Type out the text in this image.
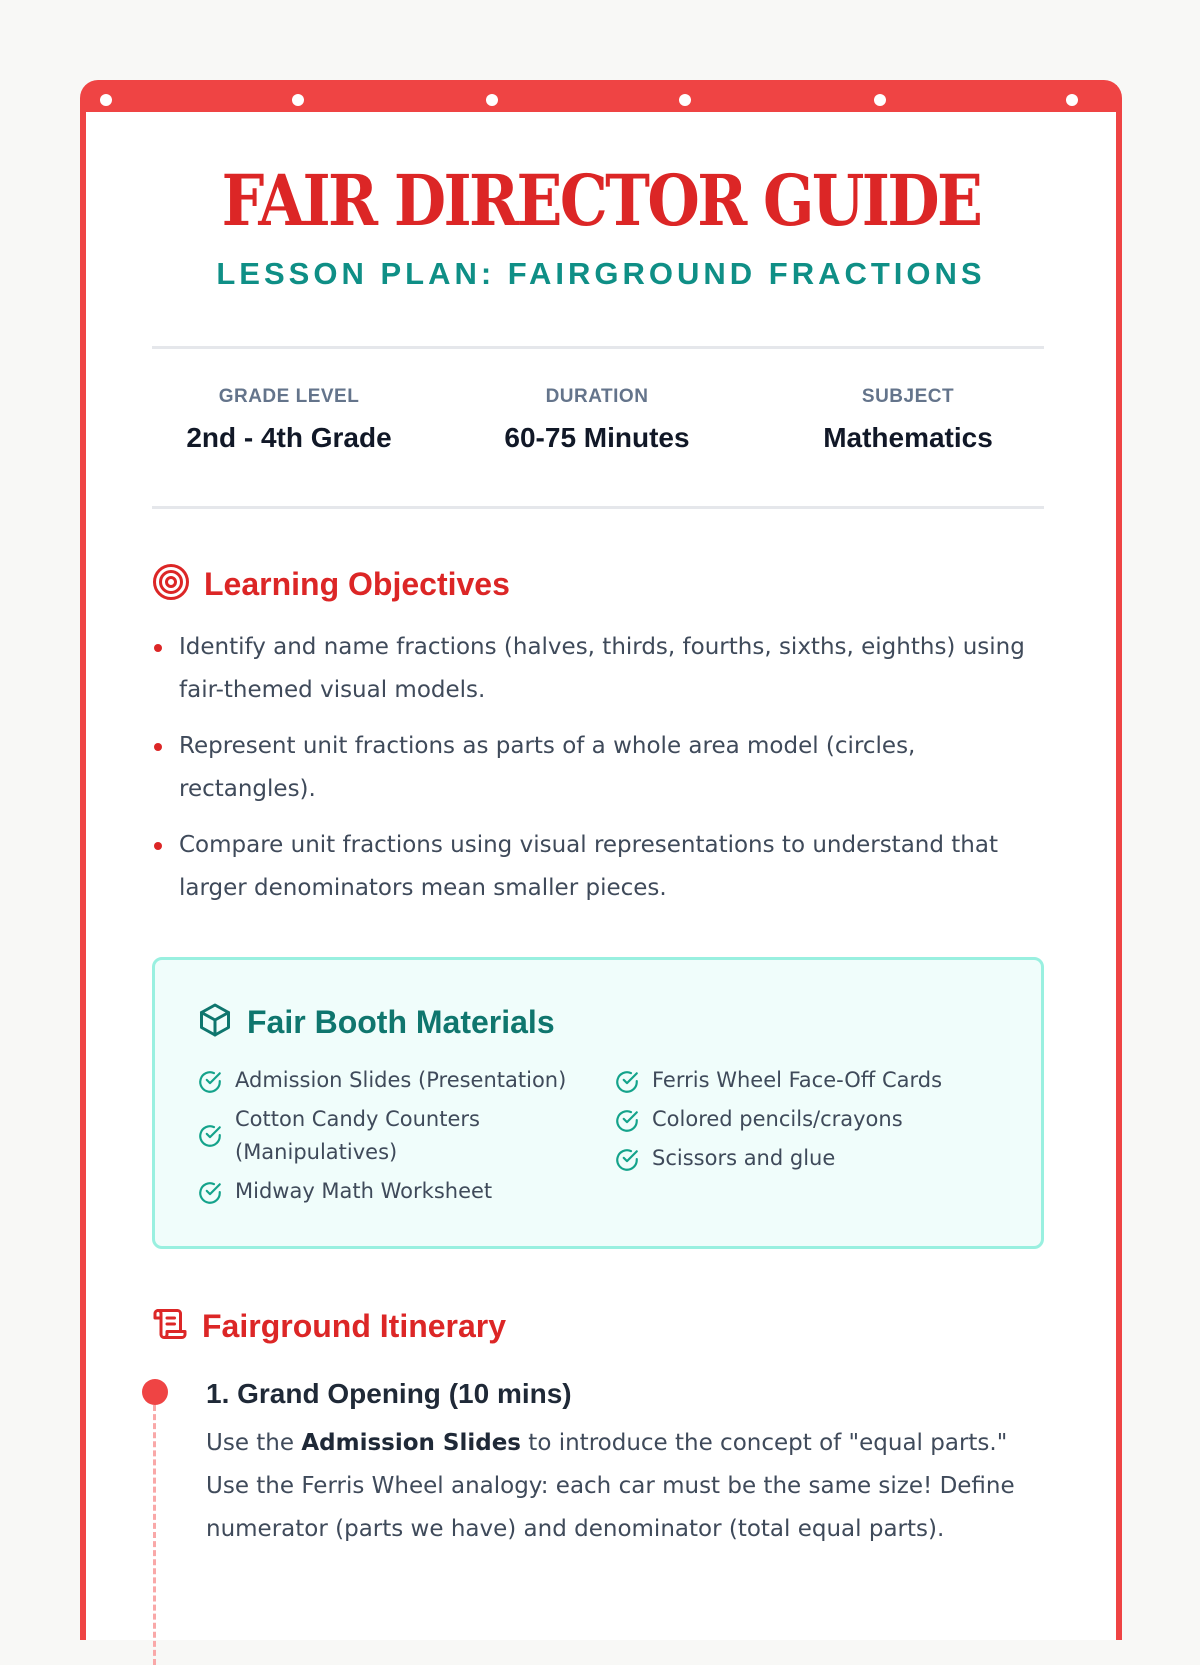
FAIR DIRECTOR GUIDE
LESSON PLAN: FAIRGROUND FRACTIONS
GRADE LEVEL
2nd - 4th Grade
DURATION
60-75 Minutes
SUBJECT
Mathematics
Learning Objectives
Identify and name fractions (halves, thirds, fourths, sixths, eighths) using fair-themed visual models.
Represent unit fractions as parts of a whole area model (circles, rectangles).
Compare unit fractions using visual representations to understand that larger denominators mean smaller pieces.
Fair Booth Materials
Admission Slides (Presentation)
Cotton Candy Counters (Manipulatives)
Midway Math Worksheet
Ferris Wheel Face-Off Cards
Colored pencils/crayons
Scissors and glue
Fairground Itinerary
1. Grand Opening (10 mins)
Use the Admission Slides to introduce the concept of "equal parts." Use the Ferris Wheel analogy: each car must be the same size! Define numerator (parts we have) and denominator (total equal parts).
